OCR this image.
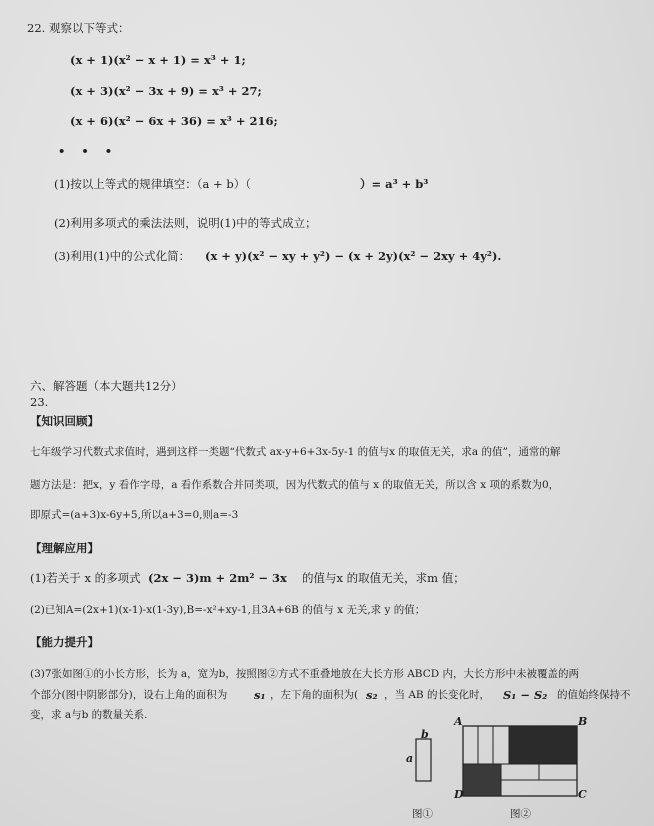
22. 观察以下等式：
(x + 1)(x² − x + 1) = x³ + 1;
(x + 3)(x² − 3x + 9) = x³ + 27;
(x + 6)(x² − 6x + 36) = x³ + 216;
• • •
(1)按以上等式的规律填空：（a + b）（	）= a³ + b³
(2)利用多项式的乘法法则，说明(1)中的等式成立；
(3)利用(1)中的公式化简： (x + y)(x² − xy + y²) − (x + 2y)(x² − 2xy + 4y²).
六、解答题（本大题共12分）
23.
【知识回顾】
七年级学习代数式求值时，遇到这样一类题“代数式 ax-y+6+3x-5y-1 的值与x 的取值无关，求a 的值”，通常的解
题方法是：把x，y 看作字母，a 看作系数合并同类项，因为代数式的值与 x 的取值无关，所以含 x 项的系数为0，
即原式=(a+3)x-6y+5,所以a+3=0,则a=-3
【理解应用】
(1)若关于 x 的多项式 (2x − 3)m + 2m² − 3x 的值与x 的取值无关，求m 值；
(2)已知A=(2x+1)(x-1)-x(1-3y),B=-x²+xy-1,且3A+6B 的值与 x 无关,求 y 的值；
【能力提升】
(3)7张如图①的小长方形，长为 a，宽为b，按照图②方式不重叠地放在大长方形 ABCD 内，大长方形中未被覆盖的两
个部分(图中阴影部分)，设右上角的面积为 s₁ ，左下角的面积为( s₂ ，当 AB 的长变化时， S₁ − S₂ 的值始终保持不
变，求 a与b 的数量关系.
b
a
图①
A	B
C
D
图②
